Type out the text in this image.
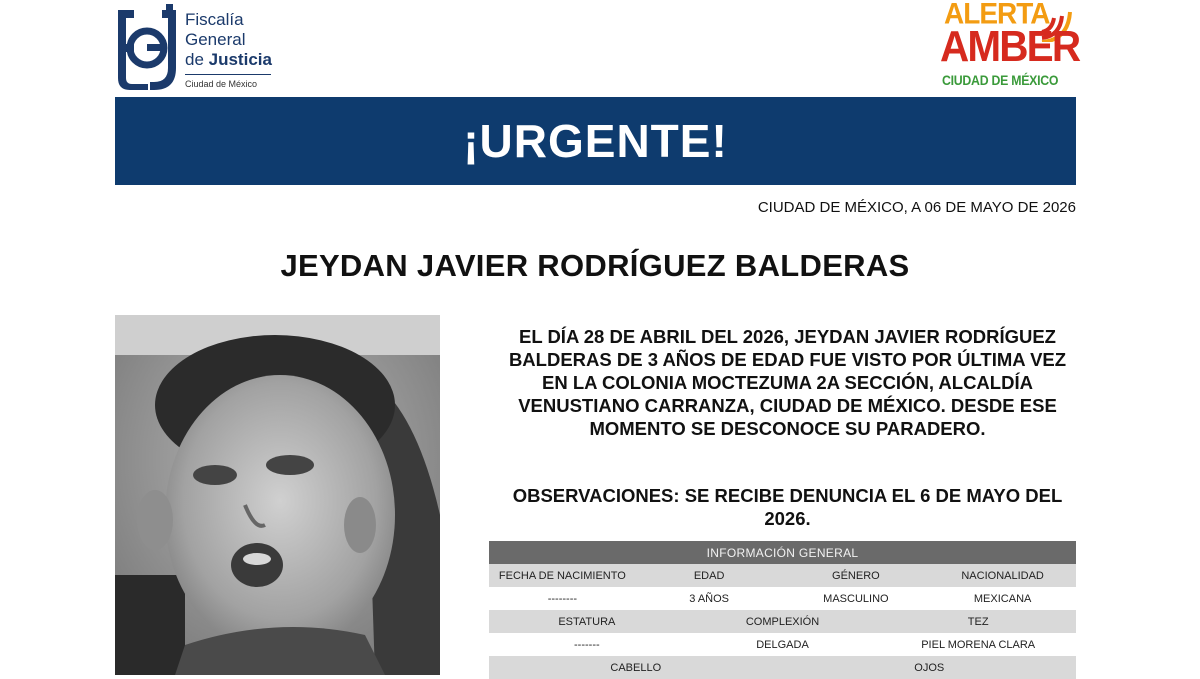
Fiscalía
General
de Justicia
Ciudad de México
ALERTA
AMBER
CIUDAD DE MÉXICO
¡URGENTE!
CIUDAD DE MÉXICO, A 06 DE MAYO DE 2026
JEYDAN JAVIER RODRÍGUEZ BALDERAS
EL DÍA 28 DE ABRIL DEL 2026, JEYDAN JAVIER RODRÍGUEZ BALDERAS DE 3 AÑOS DE EDAD FUE VISTO POR ÚLTIMA VEZ EN LA COLONIA MOCTEZUMA 2A SECCIÓN, ALCALDÍA VENUSTIANO CARRANZA, CIUDAD DE MÉXICO. DESDE ESE MOMENTO SE DESCONOCE SU PARADERO.
OBSERVACIONES: SE RECIBE DENUNCIA EL 6 DE MAYO DEL 2026.
INFORMACIÓN GENERAL
FECHA DE NACIMIENTO	EDAD	GÉNERO	NACIONALIDAD
--------	3 AÑOS	MASCULINO	MEXICANA
ESTATURA	COMPLEXIÓN	TEZ
-------	DELGADA	PIEL MORENA CLARA
CABELLO	OJOS
